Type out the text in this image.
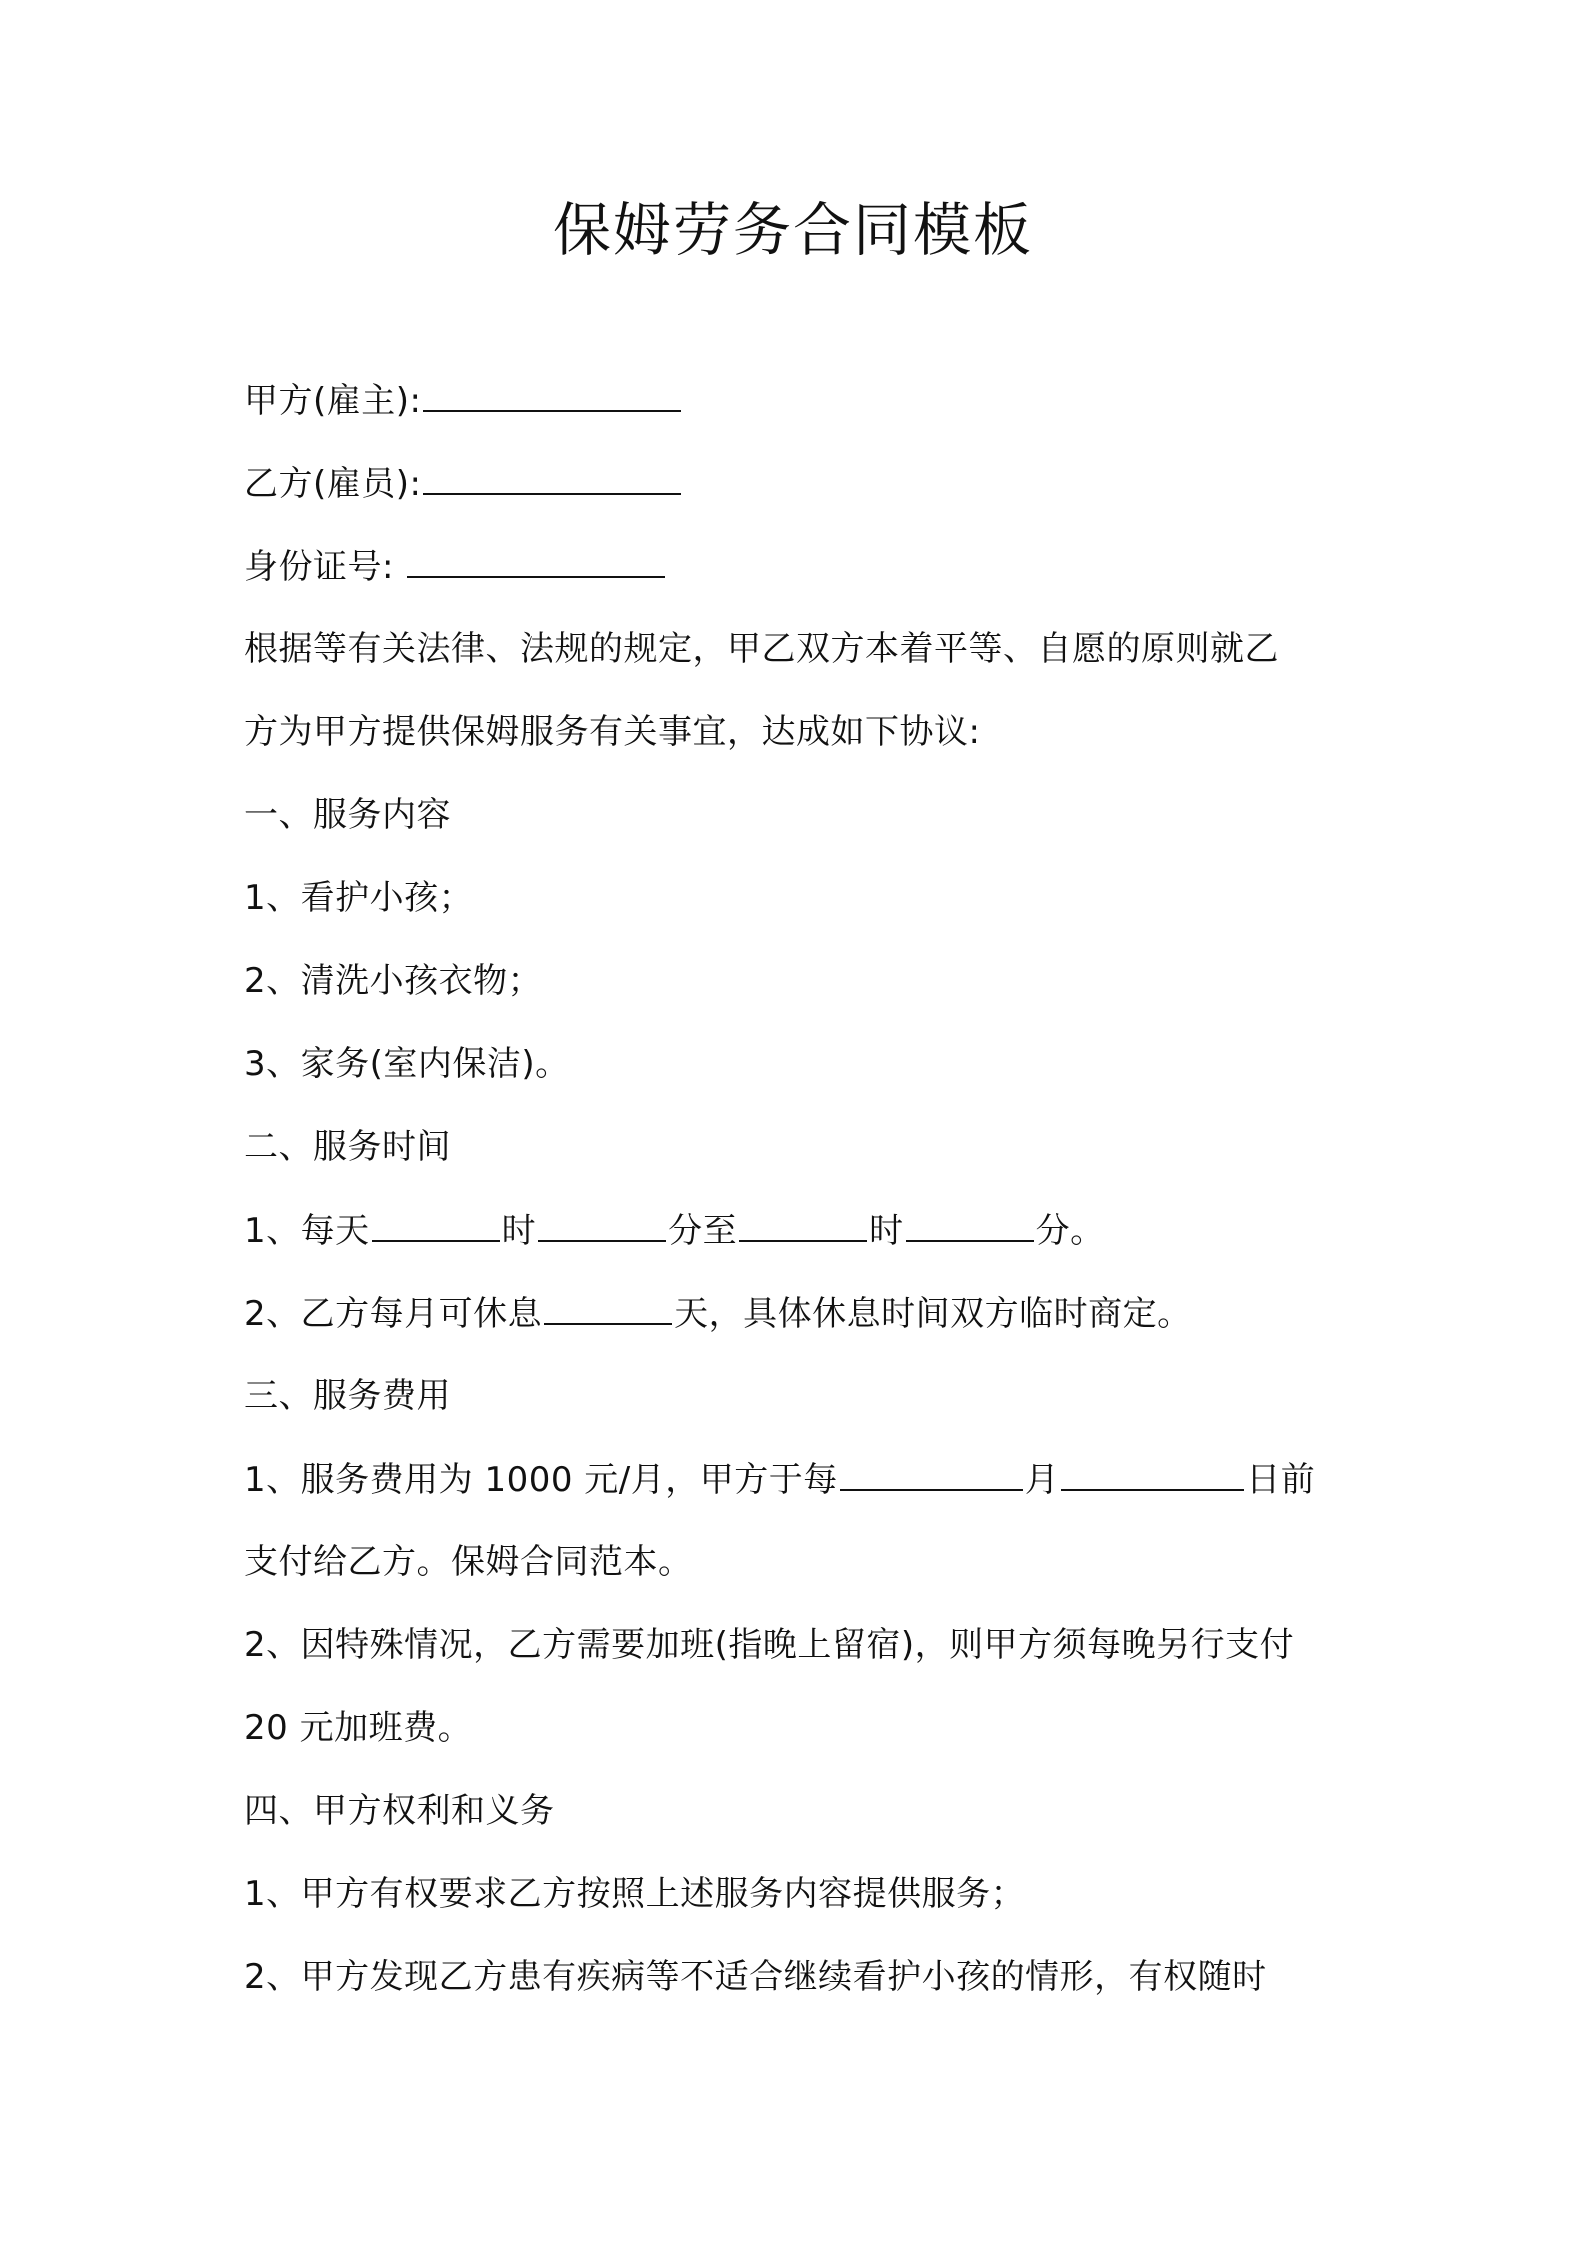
保姆劳务合同模板
甲方(雇主):
乙方(雇员):
身份证号:
根据等有关法律、法规的规定，甲乙双方本着平等、自愿的原则就乙
方为甲方提供保姆服务有关事宜，达成如下协议:
一、服务内容
1、看护小孩；
2、清洗小孩衣物；
3、家务(室内保洁)。
二、服务时间
1、每天	时	分至	时	分。
2、乙方每月可休息	天，具体休息时间双方临时商定。
三、服务费用
1、服务费用为 1000 元/月，甲方于每	月	日前
支付给乙方。保姆合同范本。
2、因特殊情况，乙方需要加班(指晚上留宿)，则甲方须每晚另行支付
20 元加班费。
四、甲方权利和义务
1、甲方有权要求乙方按照上述服务内容提供服务；
2、甲方发现乙方患有疾病等不适合继续看护小孩的情形，有权随时
